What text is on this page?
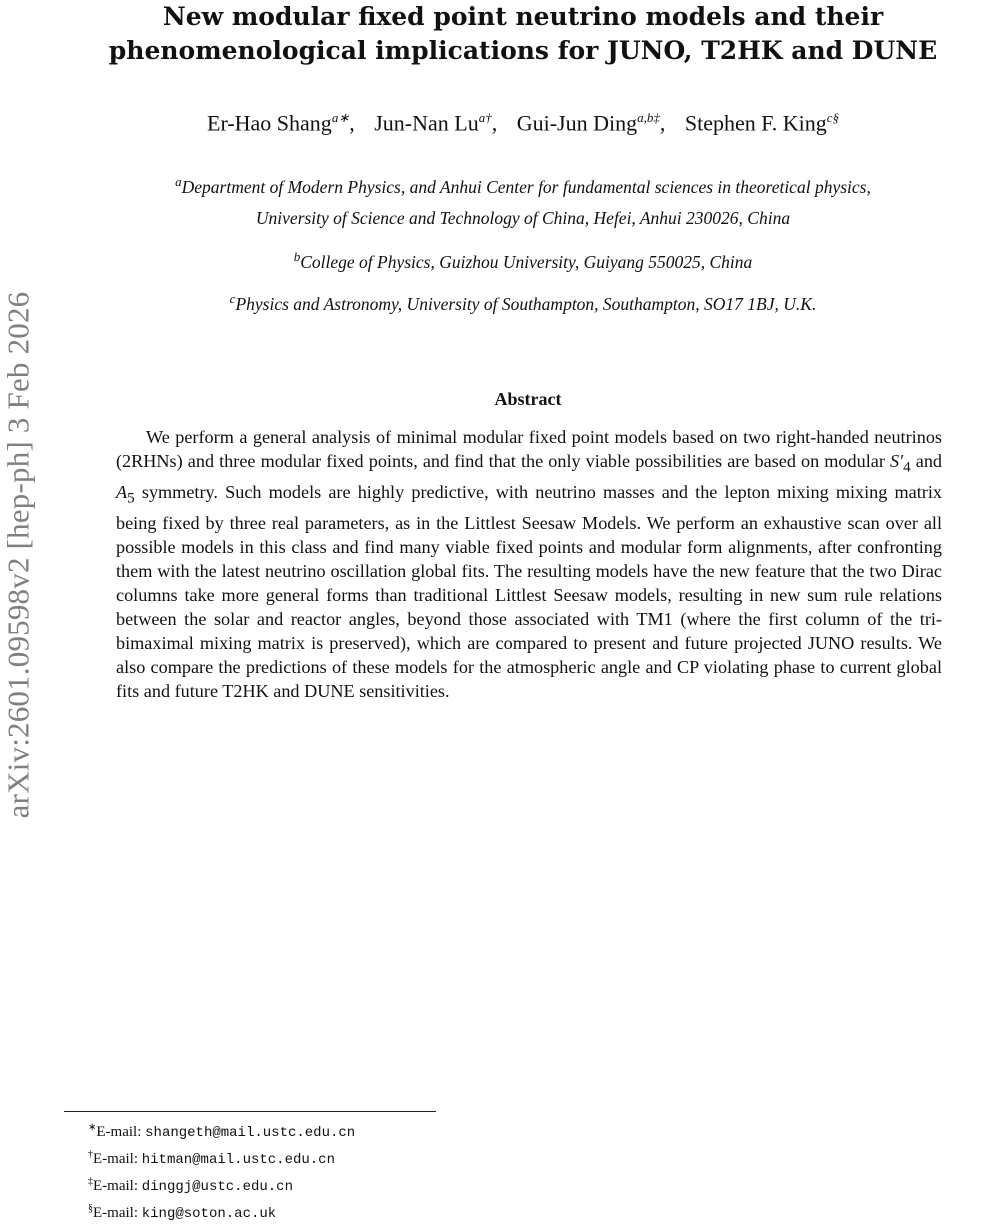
arXiv:2601.09598v2 [hep-ph] 3 Feb 2026
New modular fixed point neutrino models and their
phenomenological implications for JUNO, T2HK and DUNE
Er-Hao Shang$^{a∗}$, Jun-Nan $Lu^{a\dagger}$, Gui-Jun Ding$^{a,b\ddagger}$, Stephen F. King$^{c\S}$
$^a$Department of Modern Physics, and Anhui Center for fundamental sciences in theoretical physics,
University of Science and Technology of China, Hefei, Anhui 230026, China
$^b$College of Physics, Guizhou University, Guiyang 550025, China
$^c$Physics and Astronomy, University of Southampton, Southampton, SO17 1BJ, U.K.
Abstract
We perform a general analysis of minimal modular fixed point models based on two right-handed neutrinos (2RHNs) and three modular fixed points, and find that the only viable possibilities are based on modular $S'_4$ and $A_5$ symmetry. Such models are highly predictive, with neutrino masses and the lepton mixing mixing matrix being fixed by three real parameters, as in the Littlest Seesaw Models. We perform an exhaustive scan over all possible models in this class and find many viable fixed points and modular form alignments, after confronting them with the latest neutrino oscillation global fits. The resulting models have the new feature that the two Dirac columns take more general forms than traditional Littlest Seesaw models, resulting in new sum rule relations between the solar and reactor angles, beyond those associated with TM1 (where the first column of the tri-bimaximal mixing matrix is preserved), which are compared to present and future projected JUNO results. We also compare the predictions of these models for the atmospheric angle and CP violating phase to current global fits and future T2HK and DUNE sensitivities.
∗E-mail: shangeth@mail.ustc.edu.cn
†E-mail: hitman@mail.ustc.edu.cn
‡E-mail: dinggj@ustc.edu.cn
§E-mail: king@soton.ac.uk
